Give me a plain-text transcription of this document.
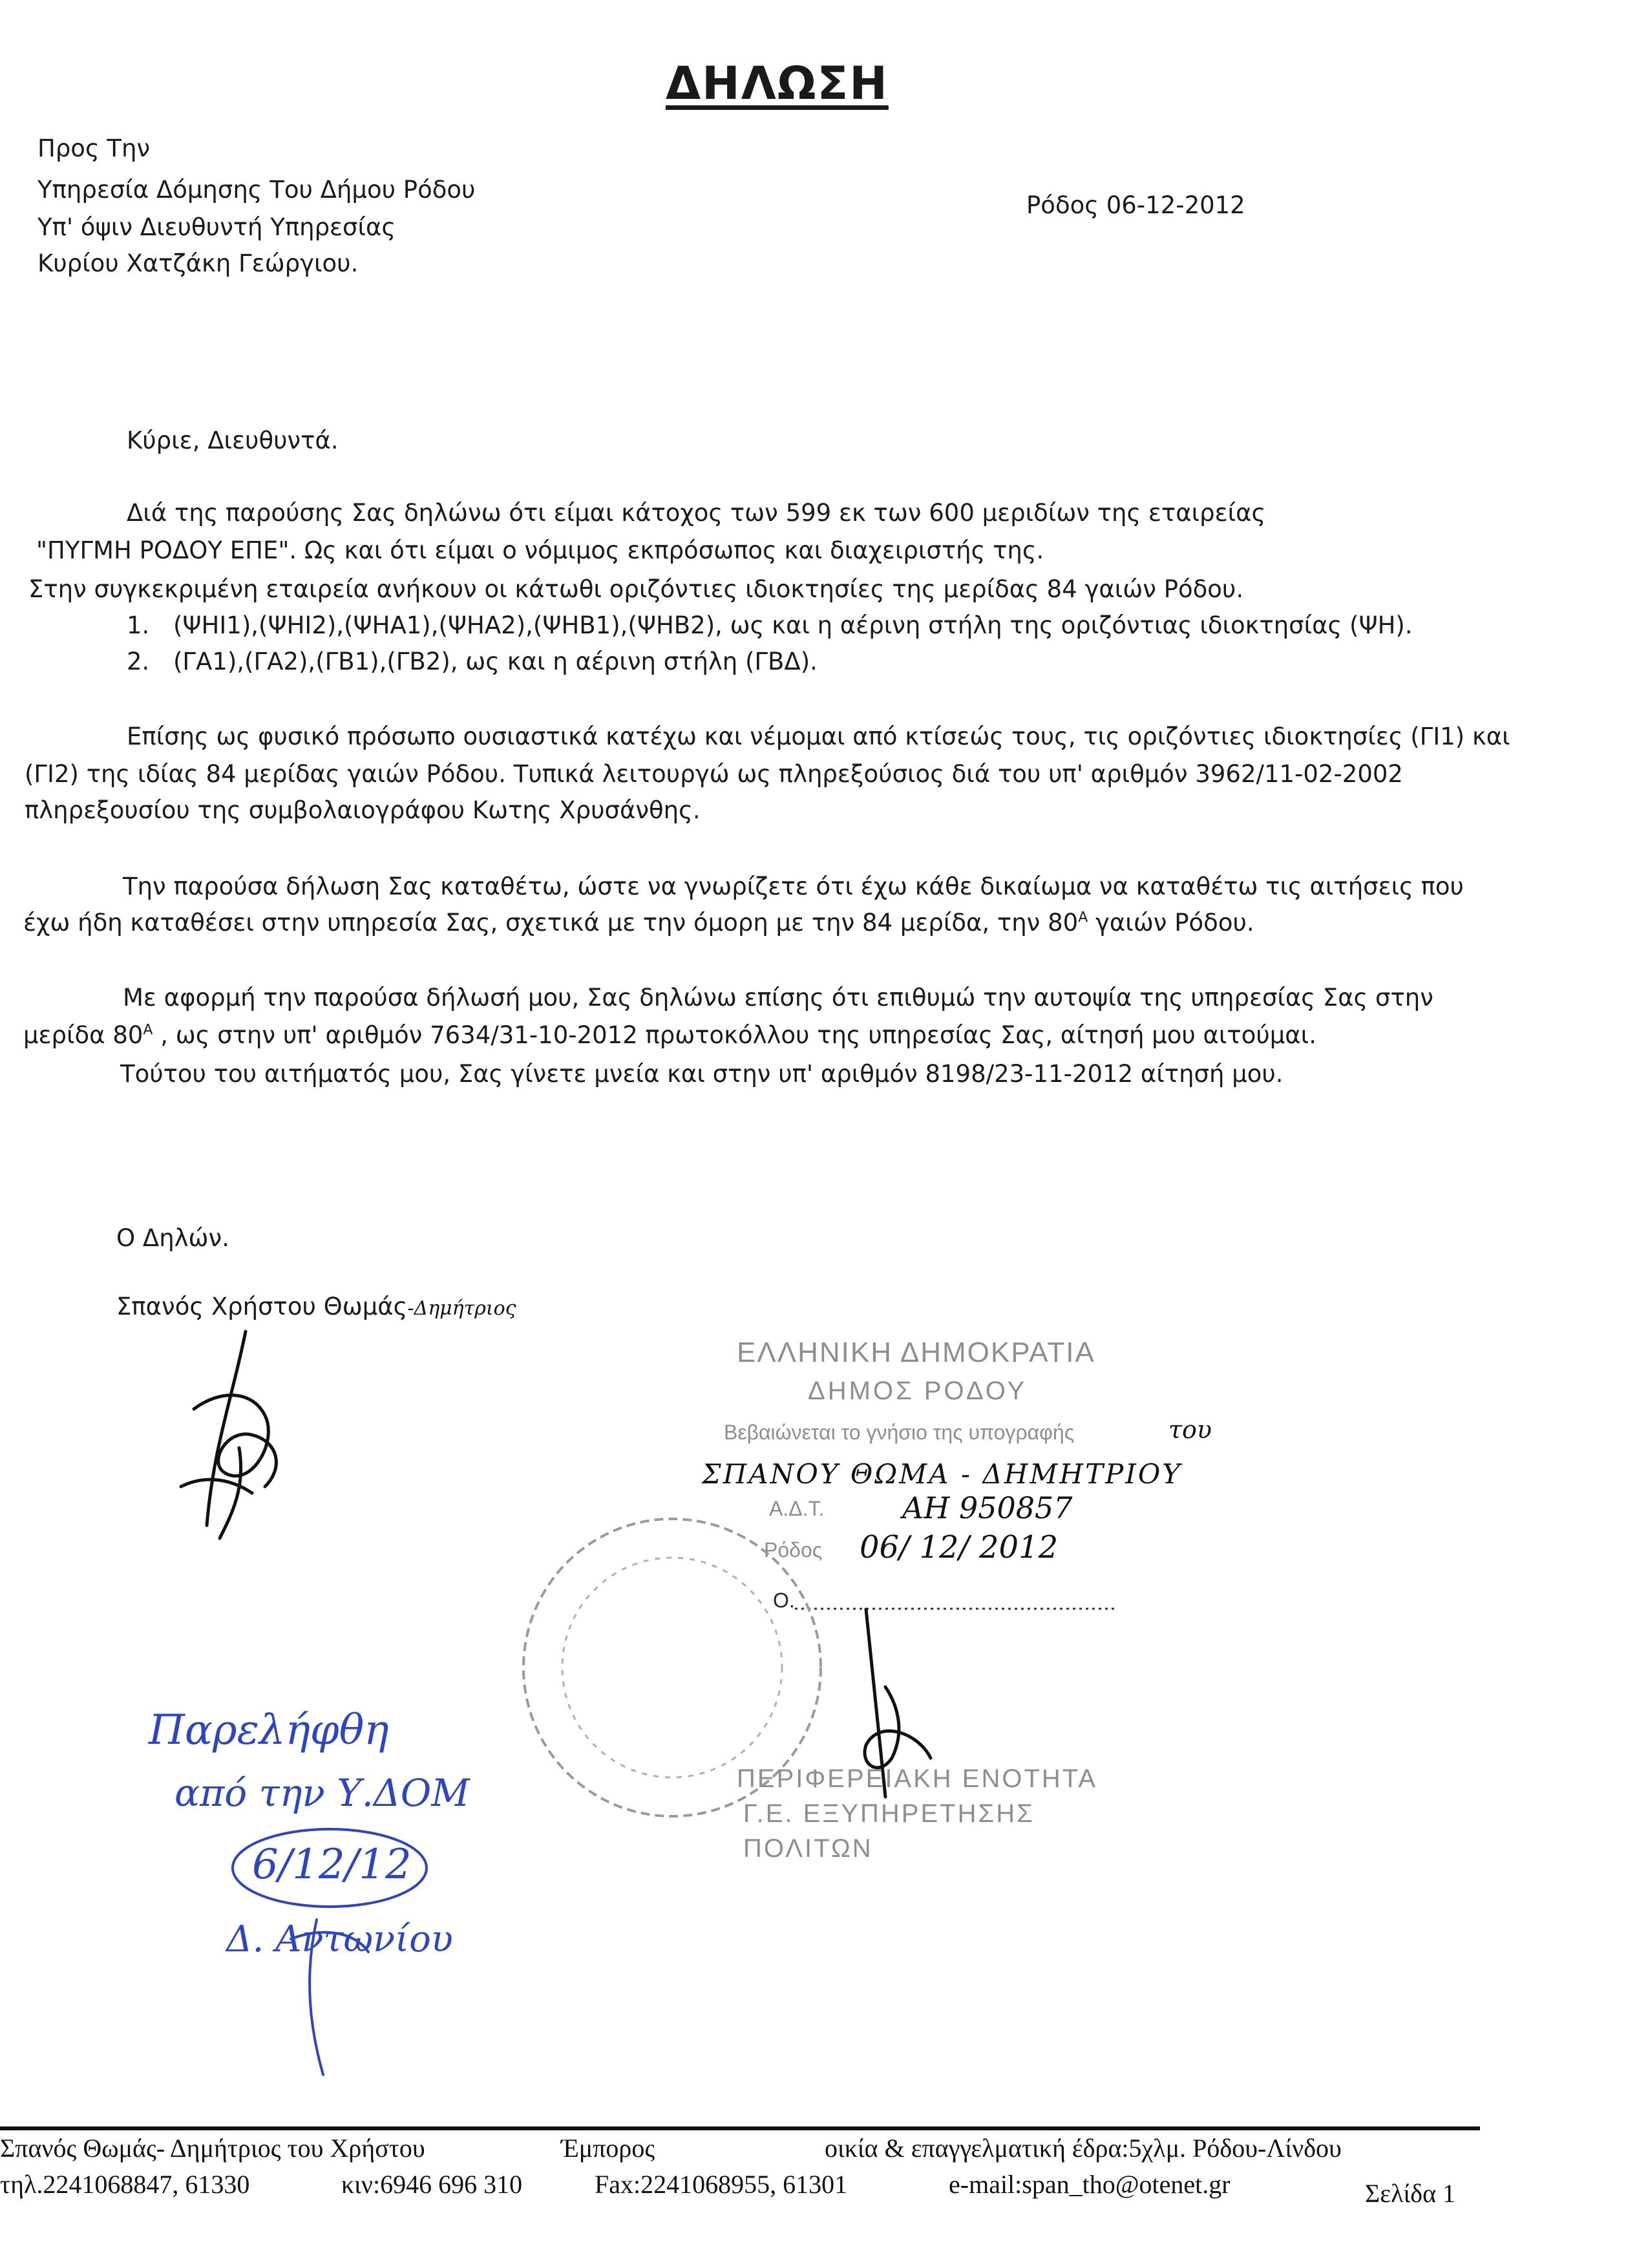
ΔΗΛΩΣΗ
Προς Την
Υπηρεσία Δόμησης Του Δήμου Ρόδου
Υπ' όψιν Διευθυντή Υπηρεσίας
Κυρίου Χατζάκη Γεώργιου.
Ρόδος 06-12-2012
Κύριε, Διευθυντά.
Διά της παρούσης Σας δηλώνω ότι είμαι κάτοχος των 599 εκ των 600 μεριδίων της εταιρείας
"ΠΥΓΜΗ ΡΟΔΟΥ ΕΠΕ". Ως και ότι είμαι ο νόμιμος εκπρόσωπος και διαχειριστής της.
Στην συγκεκριμένη εταιρεία ανήκουν οι κάτωθι οριζόντιες ιδιοκτησίες της μερίδας 84 γαιών Ρόδου.
1. (ΨΗΙ1),(ΨΗΙ2),(ΨΗΑ1),(ΨΗΑ2),(ΨΗΒ1),(ΨΗΒ2), ως και η αέρινη στήλη της οριζόντιας ιδιοκτησίας (ΨΗ).
2. (ΓΑ1),(ΓΑ2),(ΓΒ1),(ΓΒ2), ως και η αέρινη στήλη (ΓΒΔ).
Επίσης ως φυσικό πρόσωπο ουσιαστικά κατέχω και νέμομαι από κτίσεώς τους, τις οριζόντιες ιδιοκτησίες (ΓΙ1) και
(ΓΙ2) της ιδίας 84 μερίδας γαιών Ρόδου. Τυπικά λειτουργώ ως πληρεξούσιος διά του υπ' αριθμόν 3962/11-02-2002
πληρεξουσίου της συμβολαιογράφου Κωτης Χρυσάνθης.
Την παρούσα δήλωση Σας καταθέτω, ώστε να γνωρίζετε ότι έχω κάθε δικαίωμα να καταθέτω τις αιτήσεις που
έχω ήδη καταθέσει στην υπηρεσία Σας, σχετικά με την όμορη με την 84 μερίδα, την $80^A$ γαιών Ρόδου.
Με αφορμή την παρούσα δήλωσή μου, Σας δηλώνω επίσης ότι επιθυμώ την αυτοψία της υπηρεσίας Σας στην
μερίδα $80^A$ , ως στην υπ' αριθμόν 7634/31-10-2012 πρωτοκόλλου της υπηρεσίας Σας, αίτησή μου αιτούμαι.
Τούτου του αιτήματός μου, Σας γίνετε μνεία και στην υπ' αριθμόν 8198/23-11-2012 αίτησή μου.
Ο Δηλών.
Σπανός Χρήστου Θωμάς-Δημήτριος
ΕΛΛΗΝΙΚΗ ΔΗΜΟΚΡΑΤΙΑ
ΔΗΜΟΣ ΡΟΔΟΥ
Βεβαιώνεται το γνήσιο της υπογραφής	του
ΣΠΑΝΟΥ ΘΩΜΑ - ΔΗΜΗΤΡΙΟΥ
Α.Δ.Τ.	ΑΗ 950857
Ρόδος 06/ 12/ 2012
Ο.
ΠΕΡΙΦΕΡΕΙΑΚΗ ΕΝΟΤΗΤΑ
Γ.Ε. ΕΞΥΠΗΡΕΤΗΣΗΣ
ΠΟΛΙΤΩΝ
Παρελήφθη
από την Υ.ΔΟΜ
6/12/12
Δ. Αντωνίου
Σπανός Θωμάς- Δημήτριος του Χρήστου	Έμπορος	οικία & επαγγελματική έδρα:5χλμ. Ρόδου-Λίνδου
τηλ.2241068847, 61330	κιν:6946 696 310	Fax:2241068955, 61301	e-mail:span_tho@otenet.gr	Σελίδα 1
